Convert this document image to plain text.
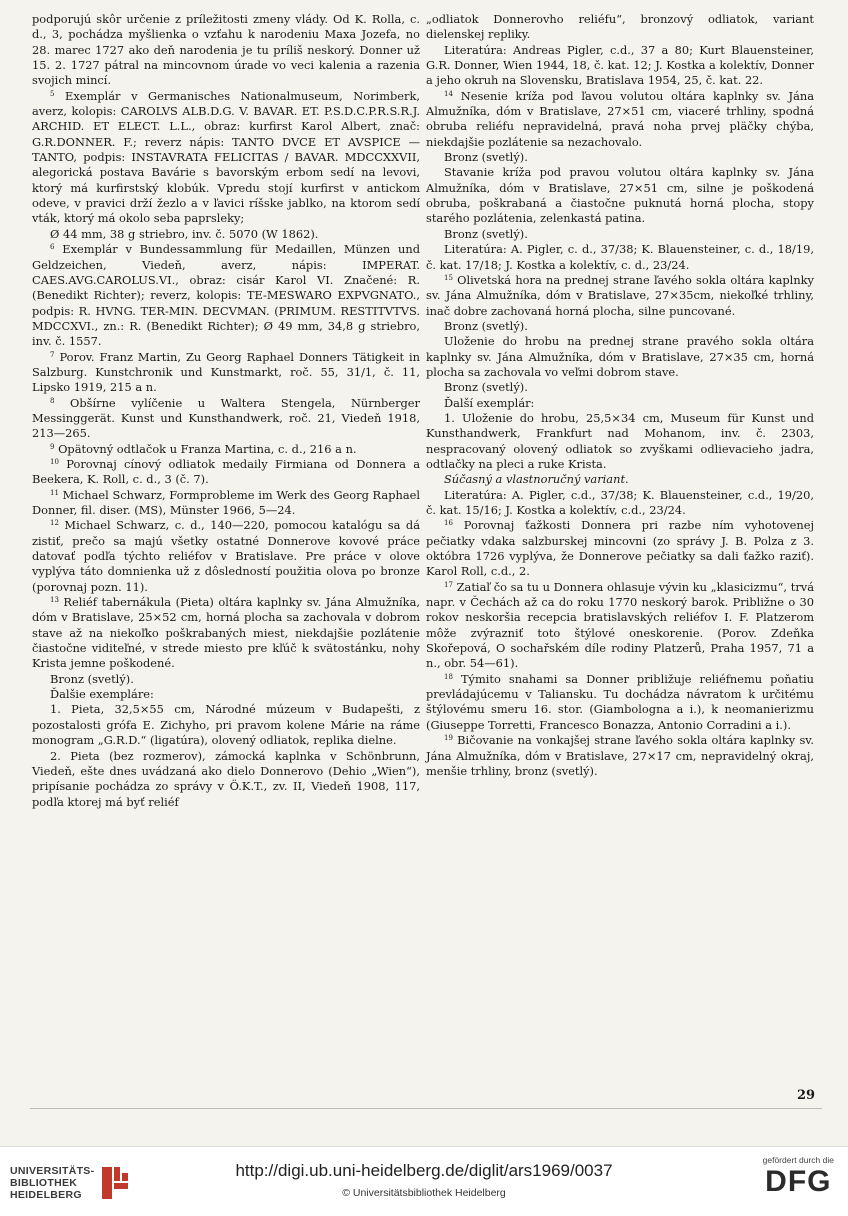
podporujú skôr určenie z príležitosti zmeny vlády. Od K. Rolla, c. d., 3, pochádza myšlienka o vzťahu k narodeniu Maxa Jozefa, no 28. marec 1727 ako deň narodenia je tu príliš neskorý. Donner už 15. 2. 1727 pátral na mincovnom úrade vo veci kalenia a razenia svojich mincí.

$^5$ Exemplár v Germanisches Nationalmuseum, Norimberk, averz, kolopis: CAROLVS ALB.D.G. V. BAVAR. ET. P.S.D.C.P.R.S.R.J. ARCHID. ET ELECT. L.L., obraz: kurfirst Karol Albert, znač: G.R.DONNER. F.; reverz nápis: TANTO DVCE ET AVSPICE — TANTO, podpis: INSTAVRATA FELICITAS / BAVAR. MDCCXXVII, alegorická postava Bavárie s bavorským erbom sedí na levovi, ktorý má kurfirstský klobúk. Vpredu stojí kurfirst v antickom odeve, v pravici drží žezlo a v ľavici ríšske jablko, na ktorom sedí vták, ktorý má okolo seba paprsleky;

Ø 44 mm, 38 g striebro, inv. č. 5070 (W 1862).

$^6$ Exemplár v Bundessammlung für Medaillen, Münzen und Geldzeichen, Viedeň, averz, nápis: IMPERAT. CAES.AVG.CAROLUS.VI., obraz: cisár Karol VI. Značené: R. (Benedikt Richter); reverz, kolopis: TE-MESWARO EXPVGNATO., podpis: R. HVNG. TER-MIN. DECVMAN. (PRIMUM. RESTITVTVS. MDCCXVI., zn.: R. (Benedikt Richter); Ø 49 mm, 34,8 g striebro, inv. č. 1557.

$^7$ Porov. Franz Martin, Zu Georg Raphael Donners Tätigkeit in Salzburg. Kunstchronik und Kunstmarkt, roč. 55, 31/1, č. 11, Lipsko 1919, 215 a n.

$^8$ Obšírne vylíčenie u Waltera Stengela, Nürnberger Messinggerät. Kunst und Kunsthandwerk, roč. 21, Viedeň 1918, 213—265.

$^9$ Opätovný odtlačok u Franza Martina, c. d., 216 a n.

$^{10}$ Porovnaj cínový odliatok medaily Firmiana od Donnera a Beekera, K. Roll, c. d., 3 (č. 7).

$^{11}$ Michael Schwarz, Formprobleme im Werk des Georg Raphael Donner, fil. diser. (MS), Münster 1966, 5—24.

$^{12}$ Michael Schwarz, c. d., 140—220, pomocou katalógu sa dá zistiť, prečo sa majú všetky ostatné Donnerove kovové práce datovať podľa týchto reliéfov v Bratislave. Pre práce v olove vyplýva táto domnienka už z dôsledností použitia olova po bronze (porovnaj pozn. 11).

$^{13}$ Reliéf tabernákula (Pieta) oltára kaplnky sv. Jána Almužníka, dóm v Bratislave, 25×52 cm, horná plocha sa zachovala v dobrom stave až na niekoľko poškrabaných miest, niekdajšie pozlátenie čiastočne viditeľné, v strede miesto pre kľúč k svätostánku, nohy Krista jemne poškodené.

Bronz (svetlý).

Ďalšie exempláre:

1. Pieta, 32,5×55 cm, Národné múzeum v Budapešti, z pozostalosti grófa E. Zichyho, pri pravom kolene Márie na ráme monogram „G.R.D.“ (ligatúra), olovený odliatok, replika dielne.

2. Pieta (bez rozmerov), zámocká kaplnka v Schönbrunn, Viedeň, ešte dnes uvádzaná ako dielo Donnerovo (Dehio „Wien“), pripísanie pochádza zo správy v Ö.K.T., zv. II, Viedeň 1908, 117, podľa ktorej má byť reliéf

„odliatok Donnerovho reliéfu“, bronzový odliatok, variant dielenskej repliky.

Literatúra: Andreas Pigler, c.d., 37 a 80; Kurt Blauensteiner, G.R. Donner, Wien 1944, 18, č. kat. 12; J. Kostka a kolektív, Donner a jeho okruh na Slovensku, Bratislava 1954, 25, č. kat. 22.

$^{14}$ Nesenie kríža pod ľavou volutou oltára kaplnky sv. Jána Almužníka, dóm v Bratislave, 27×51 cm, viaceré trhliny, spodná obruba reliéfu nepravidelná, pravá noha prvej pläčky chýba, niekdajšie pozlátenie sa nezachovalo.

Bronz (svetlý).

Stavanie kríža pod pravou volutou oltára kaplnky sv. Jána Almužníka, dóm v Bratislave, 27×51 cm, silne je poškodená obruba, poškrabaná a čiastočne puknutá horná plocha, stopy starého pozlátenia, zelenkastá patina.

Bronz (svetlý).

Literatúra: A. Pigler, c. d., 37/38; K. Blauensteiner, c. d., 18/19, č. kat. 17/18; J. Kostka a kolektív, c. d., 23/24.

$^{15}$ Olivetská hora na prednej strane ľavého sokla oltára kaplnky sv. Jána Almužníka, dóm v Bratislave, 27×35cm, niekoľké trhliny, inač dobre zachovaná horná plocha, silne puncované.

Bronz (svetlý).

Uloženie do hrobu na prednej strane pravého sokla oltára kaplnky sv. Jána Almužníka, dóm v Bratislave, 27×35 cm, horná plocha sa zachovala vo veľmi dobrom stave.

Bronz (svetlý).

Ďalší exemplár:

1. Uloženie do hrobu, 25,5×34 cm, Museum für Kunst und Kunsthandwerk, Frankfurt nad Mohanom, inv. č. 2303, nespracovaný olovený odliatok so zvyškami odlievacieho jadra, odtlačky na pleci a ruke Krista.

Súčasný a vlastnoručný variant.

Literatúra: A. Pigler, c.d., 37/38; K. Blauensteiner, c.d., 19/20, č. kat. 15/16; J. Kostka a kolektív, c.d., 23/24.

$^{16}$ Porovnaj ťažkosti Donnera pri razbe ním vyhotovenej pečiatky vdaka salzburskej mincovni (zo správy J. B. Polza z 3. októbra 1726 vyplýva, že Donnerove pečiatky sa dali ťažko raziť). Karol Roll, c.d., 2.

$^{17}$ Zatiaľ čo sa tu u Donnera ohlasuje vývin ku „klasicizmu“, trvá napr. v Čechách až ca do roku 1770 neskorý barok. Približne o 30 rokov neskoršia recepcia bratislavských reliéfov I. F. Platzerom môže zvýrazniť toto štýlové oneskorenie. (Porov. Zdeňka Skořepová, O sochařském díle rodiny Platzerů, Praha 1957, 71 a n., obr. 54—61).

$^{18}$ Týmito snahami sa Donner približuje reliéfnemu poňatiu prevládajúcemu v Taliansku. Tu dochádza návratom k určitému štýlovému smeru 16. stor. (Giambologna a i.), k neomanierizmu (Giuseppe Torretti, Francesco Bonazza, Antonio Corradini a i.).

$^{19}$ Bičovanie na vonkajšej strane ľavého sokla oltára kaplnky sv. Jána Almužníka, dóm v Bratislave, 27×17 cm, nepravidelný okraj, menšie trhliny, bronz (svetlý).

29
UNIVERSITÄTS-
BIBLIOTHEK
HEIDELBERG
http://digi.ub.uni-heidelberg.de/diglit/ars1969/0037
© Universitätsbibliothek Heidelberg
gefördert durch die
DFG
